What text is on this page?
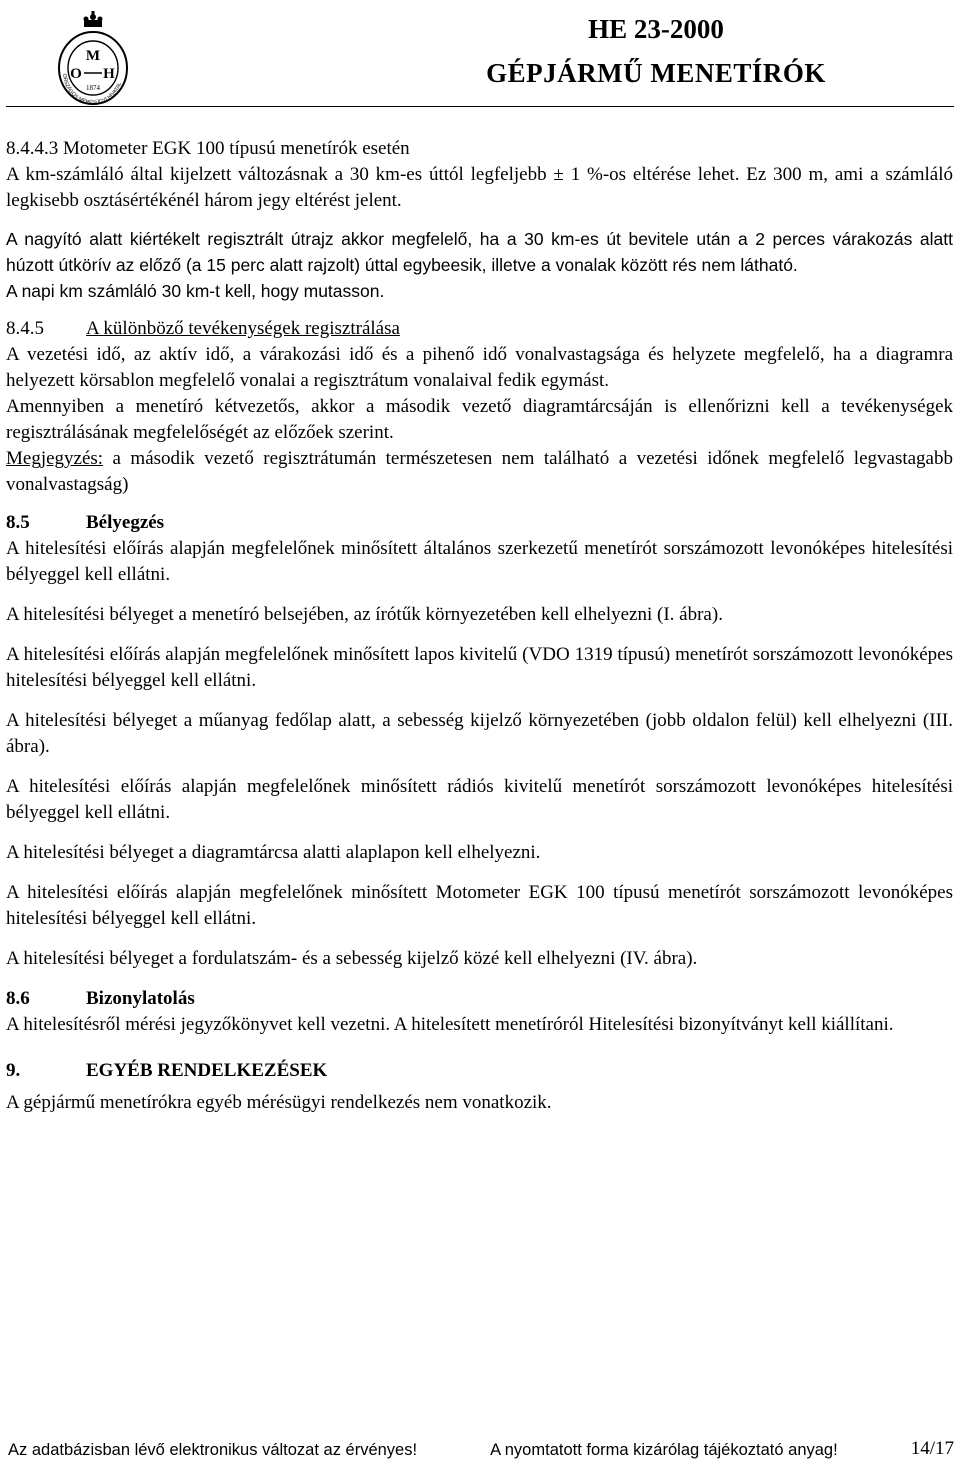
M
O H
1874
ORSZÁGOS MÉRÉSÜGYI HIVATAL
HE 23-2000
GÉPJÁRMŰ MENETÍRÓK

8.4.4.3 Motometer EGK 100 típusú menetírók esetén

A km-számláló által kijelzett változásnak a 30 km-es úttól legfeljebb ± 1 %-os eltérése lehet. Ez 300 m, ami a számláló legkisebb osztásértékénél három jegy eltérést jelent.

A nagyító alatt kiértékelt regisztrált útrajz akkor megfelelő, ha a 30 km-es út bevitele után a 2 perces várakozás alatt húzott útkörív az előző (a 15 perc alatt rajzolt) úttal egybeesik, illetve a vonalak között rés nem látható.

A napi km számláló 30 km-t kell, hogy mutasson.

8.4.5 A különböző tevékenységek regisztrálása

A vezetési idő, az aktív idő, a várakozási idő és a pihenő idő vonalvastagsága és helyzete megfelelő, ha a diagramra helyezett körsablon megfelelő vonalai a regisztrátum vonalaival fedik egymást.

Amennyiben a menetíró kétvezetős, akkor a második vezető diagramtárcsáján is ellenőrizni kell a tevékenységek regisztrálásának megfelelőségét az előzőek szerint.

Megjegyzés: a második vezető regisztrátumán természetesen nem található a vezetési időnek megfelelő legvastagabb vonalvastagság)

8.5	Bélyegzés

A hitelesítési előírás alapján megfelelőnek minősített általános szerkezetű menetírót sorszámozott levonóképes hitelesítési bélyeggel kell ellátni.

A hitelesítési bélyeget a menetíró belsejében, az írótűk környezetében kell elhelyezni (I. ábra).

A hitelesítési előírás alapján megfelelőnek minősített lapos kivitelű (VDO 1319 típusú) menetírót sorszámozott levonóképes hitelesítési bélyeggel kell ellátni.

A hitelesítési bélyeget a műanyag fedőlap alatt, a sebesség kijelző környezetében (jobb oldalon felül) kell elhelyezni (III. ábra).

A hitelesítési előírás alapján megfelelőnek minősített rádiós kivitelű menetírót sorszámozott levonóképes hitelesítési bélyeggel kell ellátni.

A hitelesítési bélyeget a diagramtárcsa alatti alaplapon kell elhelyezni.

A hitelesítési előírás alapján megfelelőnek minősített Motometer EGK 100 típusú menetírót sorszámozott levonóképes hitelesítési bélyeggel kell ellátni.

A hitelesítési bélyeget a fordulatszám- és a sebesség kijelző közé kell elhelyezni (IV. ábra).

8.6	Bizonylatolás

A hitelesítésről mérési jegyzőkönyvet kell vezetni. A hitelesített menetíróról Hitelesítési bizonyítványt kell kiállítani.

9.	EGYÉB RENDELKEZÉSEK

A gépjármű menetírókra egyéb mérésügyi rendelkezés nem vonatkozik.

Az adatbázisban lévő elektronikus változat az érvényes!	A nyomtatott forma kizárólag tájékoztató anyag!	14/17
